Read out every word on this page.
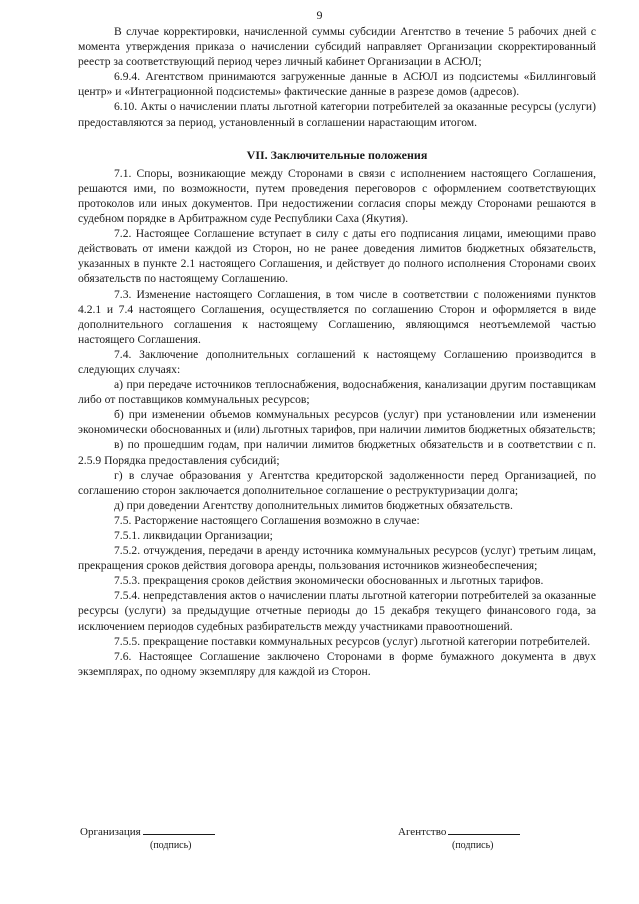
9

В случае корректировки, начисленной суммы субсидии Агентство в течение 5 рабочих дней с момента утверждения приказа о начислении субсидий направляет Организации скорректированный реестр за соответствующий период через личный кабинет Организации в АСЮЛ;

6.9.4. Агентством принимаются загруженные данные в АСЮЛ из подсистемы «Биллинговый центр» и «Интеграционной подсистемы» фактические данные в разрезе домов (адресов).

6.10. Акты о начислении платы льготной категории потребителей за оказанные ресурсы (услуги) предоставляются за период, установленный в соглашении нарастающим итогом.

VII. Заключительные положения

7.1. Споры, возникающие между Сторонами в связи с исполнением настоящего Соглашения, решаются ими, по возможности, путем проведения переговоров с оформлением соответствующих протоколов или иных документов. При недостижении согласия споры между Сторонами решаются в судебном порядке в Арбитражном суде Республики Саха (Якутия).

7.2. Настоящее Соглашение вступает в силу с даты его подписания лицами, имеющими право действовать от имени каждой из Сторон, но не ранее доведения лимитов бюджетных обязательств, указанных в пункте 2.1 настоящего Соглашения, и действует до полного исполнения Сторонами своих обязательств по настоящему Соглашению.

7.3. Изменение настоящего Соглашения, в том числе в соответствии с положениями пунктов 4.2.1 и 7.4 настоящего Соглашения, осуществляется по соглашению Сторон и оформляется в виде дополнительного соглашения к настоящему Соглашению, являющимся неотъемлемой частью настоящего Соглашения.

7.4. Заключение дополнительных соглашений к настоящему Соглашению производится в следующих случаях:

а) при передаче источников теплоснабжения, водоснабжения, канализации другим поставщикам либо от поставщиков коммунальных ресурсов;

б) при изменении объемов коммунальных ресурсов (услуг) при установлении или изменении экономически обоснованных и (или) льготных тарифов, при наличии лимитов бюджетных обязательств;

в) по прошедшим годам, при наличии лимитов бюджетных обязательств и в соответствии с п. 2.5.9 Порядка предоставления субсидий;

г) в случае образования у Агентства кредиторской задолженности перед Организацией, по соглашению сторон заключается дополнительное соглашение о реструктуризации долга;

д) при доведении Агентству дополнительных лимитов бюджетных обязательств.

7.5. Расторжение настоящего Соглашения возможно в случае:

7.5.1. ликвидации Организации;

7.5.2. отчуждения, передачи в аренду источника коммунальных ресурсов (услуг) третьим лицам, прекращения сроков действия договора аренды, пользования источников жизнеобеспечения;

7.5.3. прекращения сроков действия экономически обоснованных и льготных тарифов.

7.5.4. непредставления актов о начислении платы льготной категории потребителей за оказанные ресурсы (услуги) за предыдущие отчетные периоды до 15 декабря текущего финансового года, за исключением периодов судебных разбирательств между участниками правоотношений.

7.5.5. прекращение поставки коммунальных ресурсов (услуг) льготной категории потребителей.

7.6. Настоящее Соглашение заключено Сторонами в форме бумажного документа в двух экземплярах, по одному экземпляру для каждой из Сторон.

Организация
(подпись)
Агентство
(подпись)
